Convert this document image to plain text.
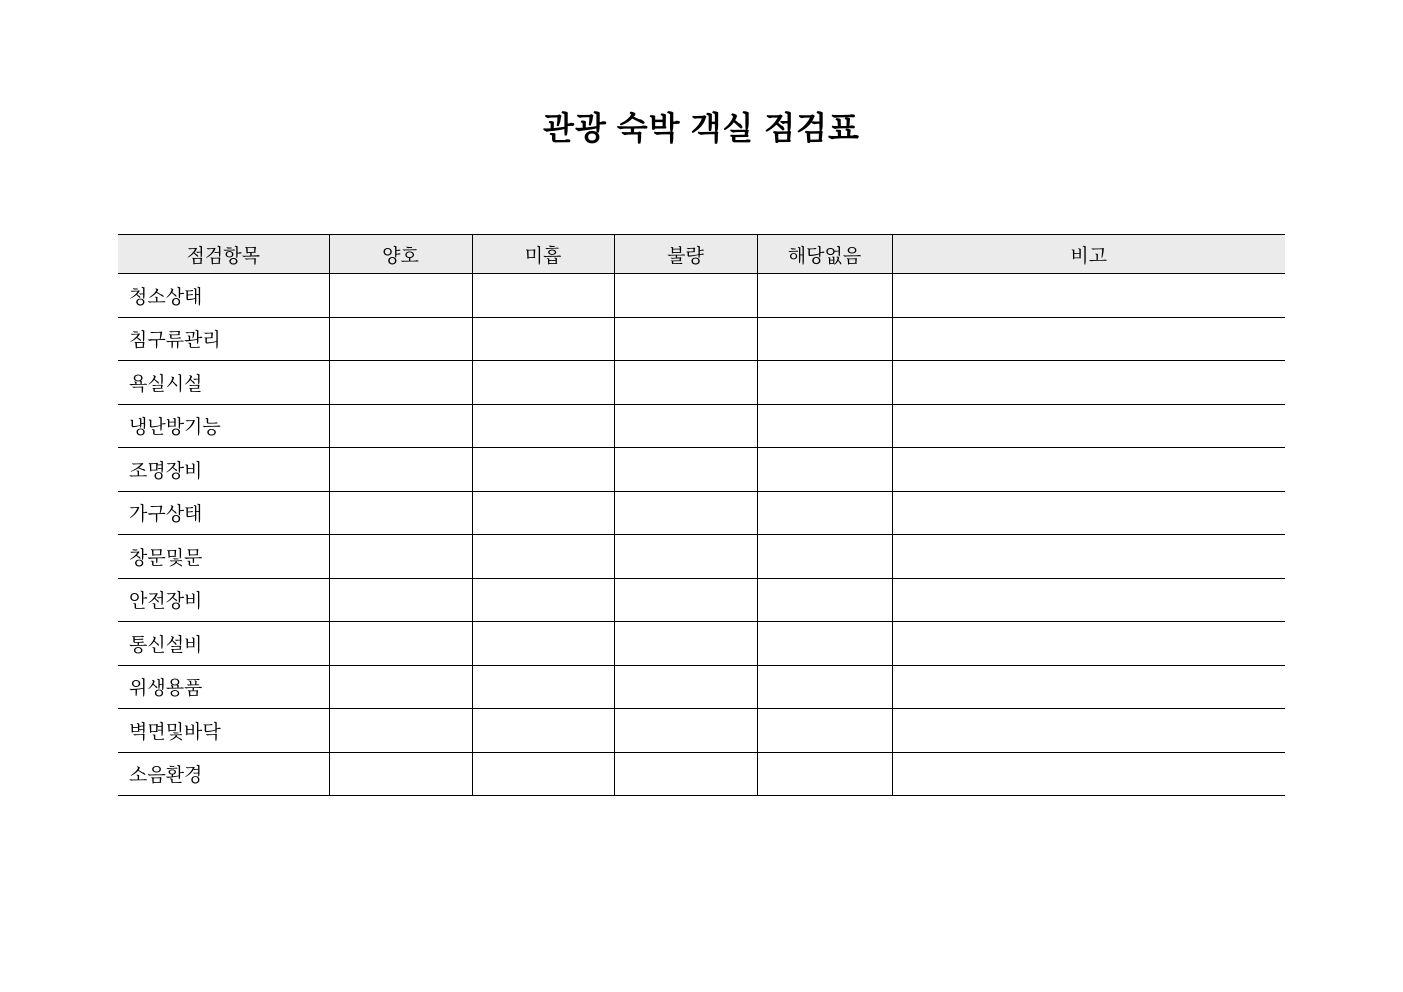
관광 숙박 객실 점검표
점검항목	양호	미흡	불량	해당없음	비고
청소상태					
침구류관리					
욕실시설					
냉난방기능					
조명장비					
가구상태					
창문및문					
안전장비					
통신설비					
위생용품					
벽면및바닥					
소음환경					
